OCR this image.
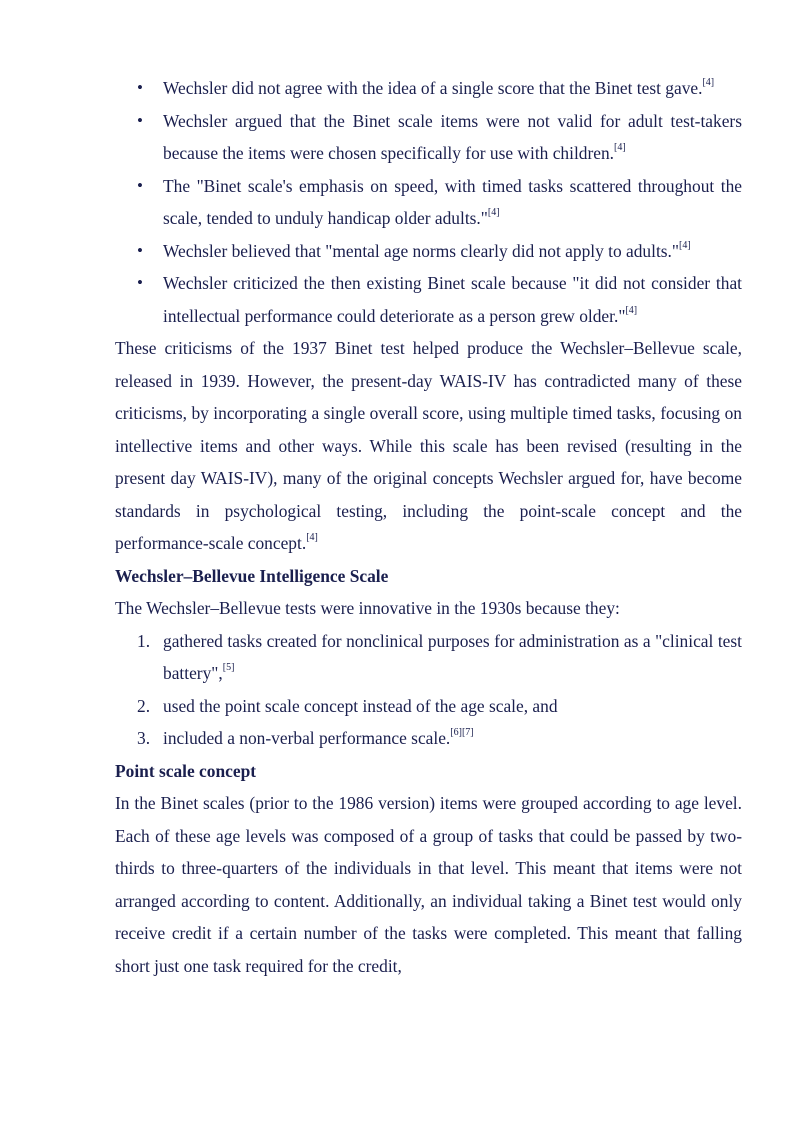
• Wechsler did not agree with the idea of a single score that the Binet test gave.[4]
• Wechsler argued that the Binet scale items were not valid for adult test-takers because the items were chosen specifically for use with children.[4]
• The "Binet scale's emphasis on speed, with timed tasks scattered throughout the scale, tended to unduly handicap older adults."[4]
• Wechsler believed that "mental age norms clearly did not apply to adults."[4]
• Wechsler criticized the then existing Binet scale because "it did not consider that intellectual performance could deteriorate as a person grew older."[4]

These criticisms of the 1937 Binet test helped produce the Wechsler–Bellevue scale, released in 1939. However, the present-day WAIS-IV has contradicted many of these criticisms, by incorporating a single overall score, using multiple timed tasks, focusing on intellective items and other ways. While this scale has been revised (resulting in the present day WAIS-IV), many of the original concepts Wechsler argued for, have become standards in psychological testing, including the point-scale concept and the performance-scale concept.[4]

Wechsler–Bellevue Intelligence Scale

The Wechsler–Bellevue tests were innovative in the 1930s because they:

1. gathered tasks created for nonclinical purposes for administration as a "clinical test battery",[5]
2. used the point scale concept instead of the age scale, and
3. included a non-verbal performance scale.[6][7]

Point scale concept

In the Binet scales (prior to the 1986 version) items were grouped according to age level. Each of these age levels was composed of a group of tasks that could be passed by two-thirds to three-quarters of the individuals in that level. This meant that items were not arranged according to content. Additionally, an individual taking a Binet test would only receive credit if a certain number of the tasks were completed. This meant that falling short just one task required for the credit,
